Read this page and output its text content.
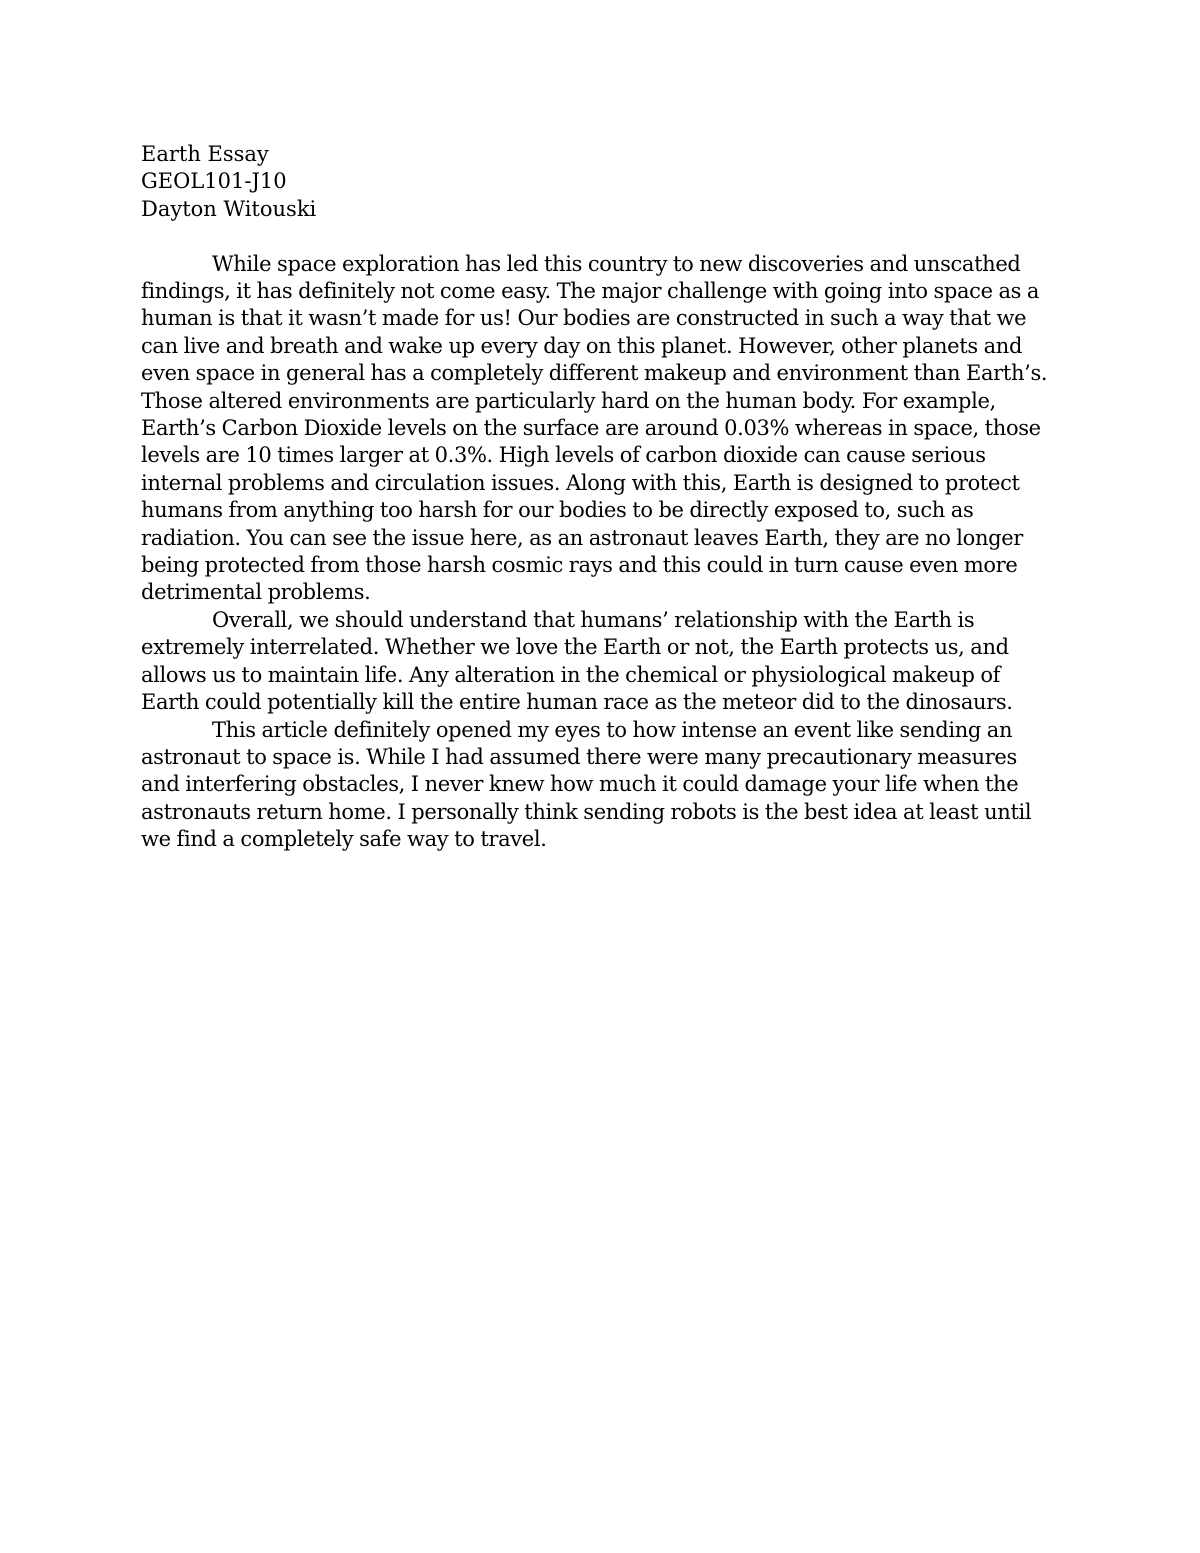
Earth Essay
GEOL101-J10
Dayton Witouski

While space exploration has led this country to new discoveries and unscathed findings, it has definitely not come easy. The major challenge with going into space as a human is that it wasn’t made for us! Our bodies are constructed in such a way that we can live and breath and wake up every day on this planet. However, other planets and even space in general has a completely different makeup and environment than Earth’s. Those altered environments are particularly hard on the human body. For example, Earth’s Carbon Dioxide levels on the surface are around 0.03% whereas in space, those levels are 10 times larger at 0.3%. High levels of carbon dioxide can cause serious internal problems and circulation issues. Along with this, Earth is designed to protect humans from anything too harsh for our bodies to be directly exposed to, such as radiation. You can see the issue here, as an astronaut leaves Earth, they are no longer being protected from those harsh cosmic rays and this could in turn cause even more detrimental problems.

Overall, we should understand that humans’ relationship with the Earth is extremely interrelated. Whether we love the Earth or not, the Earth protects us, and allows us to maintain life. Any alteration in the chemical or physiological makeup of Earth could potentially kill the entire human race as the meteor did to the dinosaurs.

This article definitely opened my eyes to how intense an event like sending an astronaut to space is. While I had assumed there were many precautionary measures and interfering obstacles, I never knew how much it could damage your life when the astronauts return home. I personally think sending robots is the best idea at least until we find a completely safe way to travel.
